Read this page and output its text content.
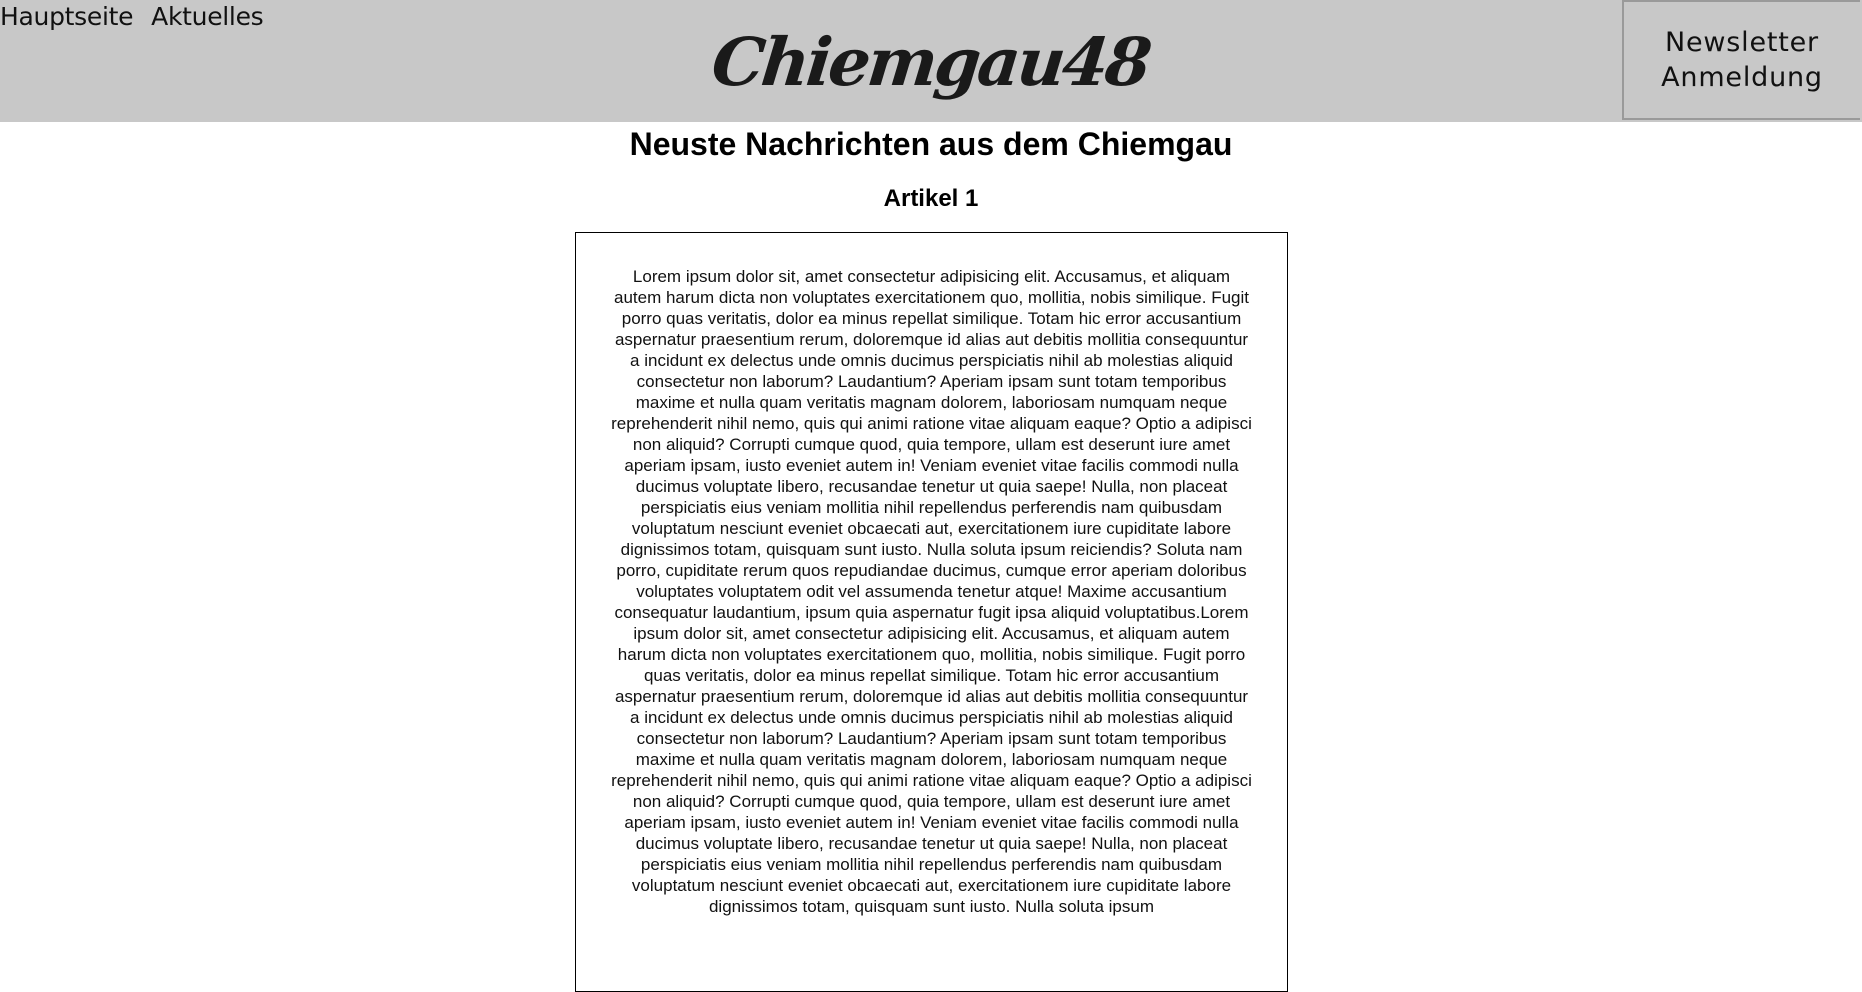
Hauptseite Aktuelles
Chiemgau48	Newsletter
Anmeldung
Neuste Nachrichten aus dem Chiemgau
Artikel 1

Lorem ipsum dolor sit, amet consectetur adipisicing elit. Accusamus, et aliquam autem harum dicta non voluptates exercitationem quo, mollitia, nobis similique. Fugit porro quas veritatis, dolor ea minus repellat similique. Totam hic error accusantium aspernatur praesentium rerum, doloremque id alias aut debitis mollitia consequuntur a incidunt ex delectus unde omnis ducimus perspiciatis nihil ab molestias aliquid consectetur non laborum? Laudantium? Aperiam ipsam sunt totam temporibus maxime et nulla quam veritatis magnam dolorem, laboriosam numquam neque reprehenderit nihil nemo, quis qui animi ratione vitae aliquam eaque? Optio a adipisci non aliquid? Corrupti cumque quod, quia tempore, ullam est deserunt iure amet aperiam ipsam, iusto eveniet autem in! Veniam eveniet vitae facilis commodi nulla ducimus voluptate libero, recusandae tenetur ut quia saepe! Nulla, non placeat perspiciatis eius veniam mollitia nihil repellendus perferendis nam quibusdam voluptatum nesciunt eveniet obcaecati aut, exercitationem iure cupiditate labore dignissimos totam, quisquam sunt iusto. Nulla soluta ipsum reiciendis? Soluta nam porro, cupiditate rerum quos repudiandae ducimus, cumque error aperiam doloribus voluptates voluptatem odit vel assumenda tenetur atque! Maxime accusantium consequatur laudantium, ipsum quia aspernatur fugit ipsa aliquid voluptatibus.Lorem ipsum dolor sit, amet consectetur adipisicing elit. Accusamus, et aliquam autem harum dicta non voluptates exercitationem quo, mollitia, nobis similique. Fugit porro quas veritatis, dolor ea minus repellat similique. Totam hic error accusantium aspernatur praesentium rerum, doloremque id alias aut debitis mollitia consequuntur a incidunt ex delectus unde omnis ducimus perspiciatis nihil ab molestias aliquid consectetur non laborum? Laudantium? Aperiam ipsam sunt totam temporibus maxime et nulla quam veritatis magnam dolorem, laboriosam numquam neque reprehenderit nihil nemo, quis qui animi ratione vitae aliquam eaque? Optio a adipisci non aliquid? Corrupti cumque quod, quia tempore, ullam est deserunt iure amet aperiam ipsam, iusto eveniet autem in! Veniam eveniet vitae facilis commodi nulla ducimus voluptate libero, recusandae tenetur ut quia saepe! Nulla, non placeat perspiciatis eius veniam mollitia nihil repellendus perferendis nam quibusdam voluptatum nesciunt eveniet obcaecati aut, exercitationem iure cupiditate labore dignissimos totam, quisquam sunt iusto. Nulla soluta ipsum
